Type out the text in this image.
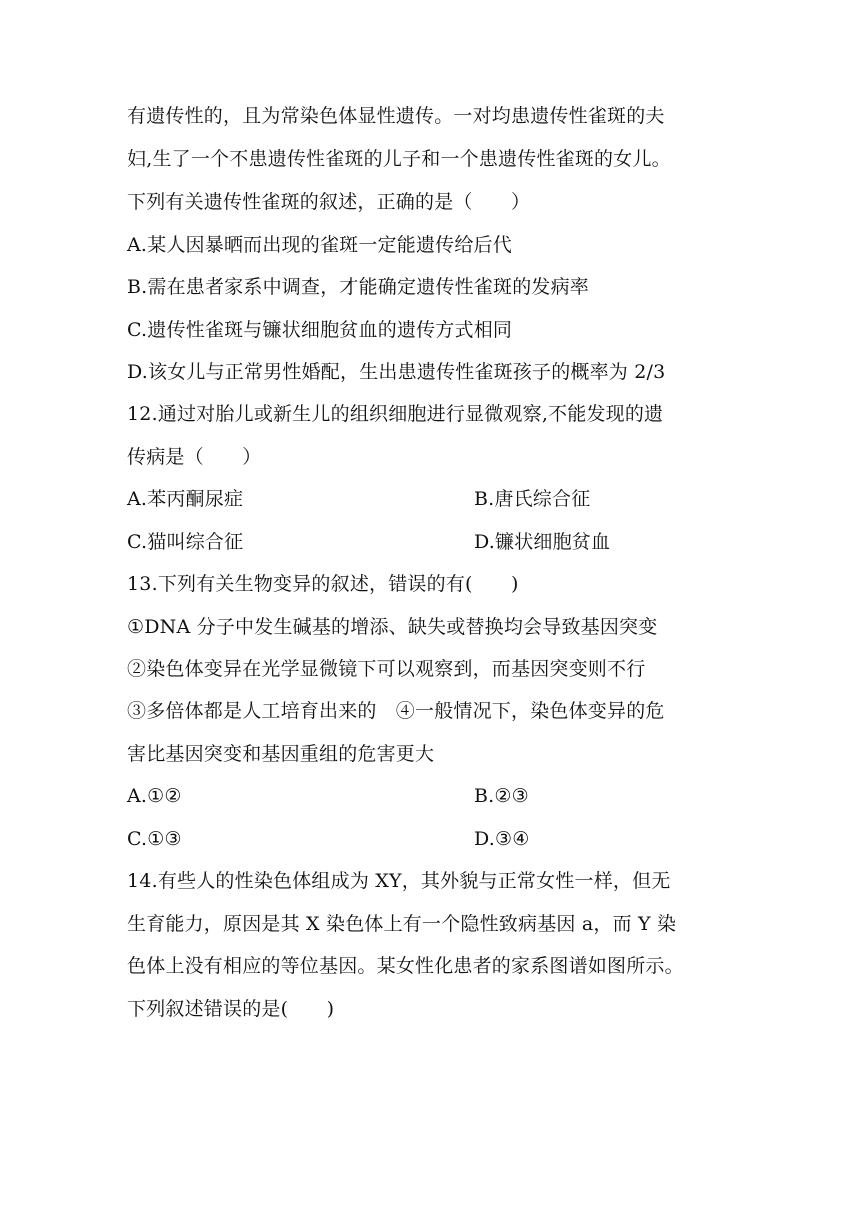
有遗传性的，且为常染色体显性遗传。一对均患遗传性雀斑的夫
妇,生了一个不患遗传性雀斑的儿子和一个患遗传性雀斑的女儿。
下列有关遗传性雀斑的叙述，正确的是（　　）
A.某人因暴晒而出现的雀斑一定能遗传给后代
B.需在患者家系中调查，才能确定遗传性雀斑的发病率
C.遗传性雀斑与镰状细胞贫血的遗传方式相同
D.该女儿与正常男性婚配，生出患遗传性雀斑孩子的概率为 2/3
12.通过对胎儿或新生儿的组织细胞进行显微观察,不能发现的遗
传病是（　　）
A.苯丙酮尿症	B.唐氏综合征
C.猫叫综合征	D.镰状细胞贫血
13.下列有关生物变异的叙述，错误的有(　　)
①DNA 分子中发生碱基的增添、缺失或替换均会导致基因突变
②染色体变异在光学显微镜下可以观察到，而基因突变则不行
③多倍体都是人工培育出来的　④一般情况下，染色体变异的危
害比基因突变和基因重组的危害更大
A.①②	B.②③
C.①③	D.③④
14.有些人的性染色体组成为 XY，其外貌与正常女性一样，但无
生育能力，原因是其 X 染色体上有一个隐性致病基因 a，而 Y 染
色体上没有相应的等位基因。某女性化患者的家系图谱如图所示。
下列叙述错误的是(　　)
